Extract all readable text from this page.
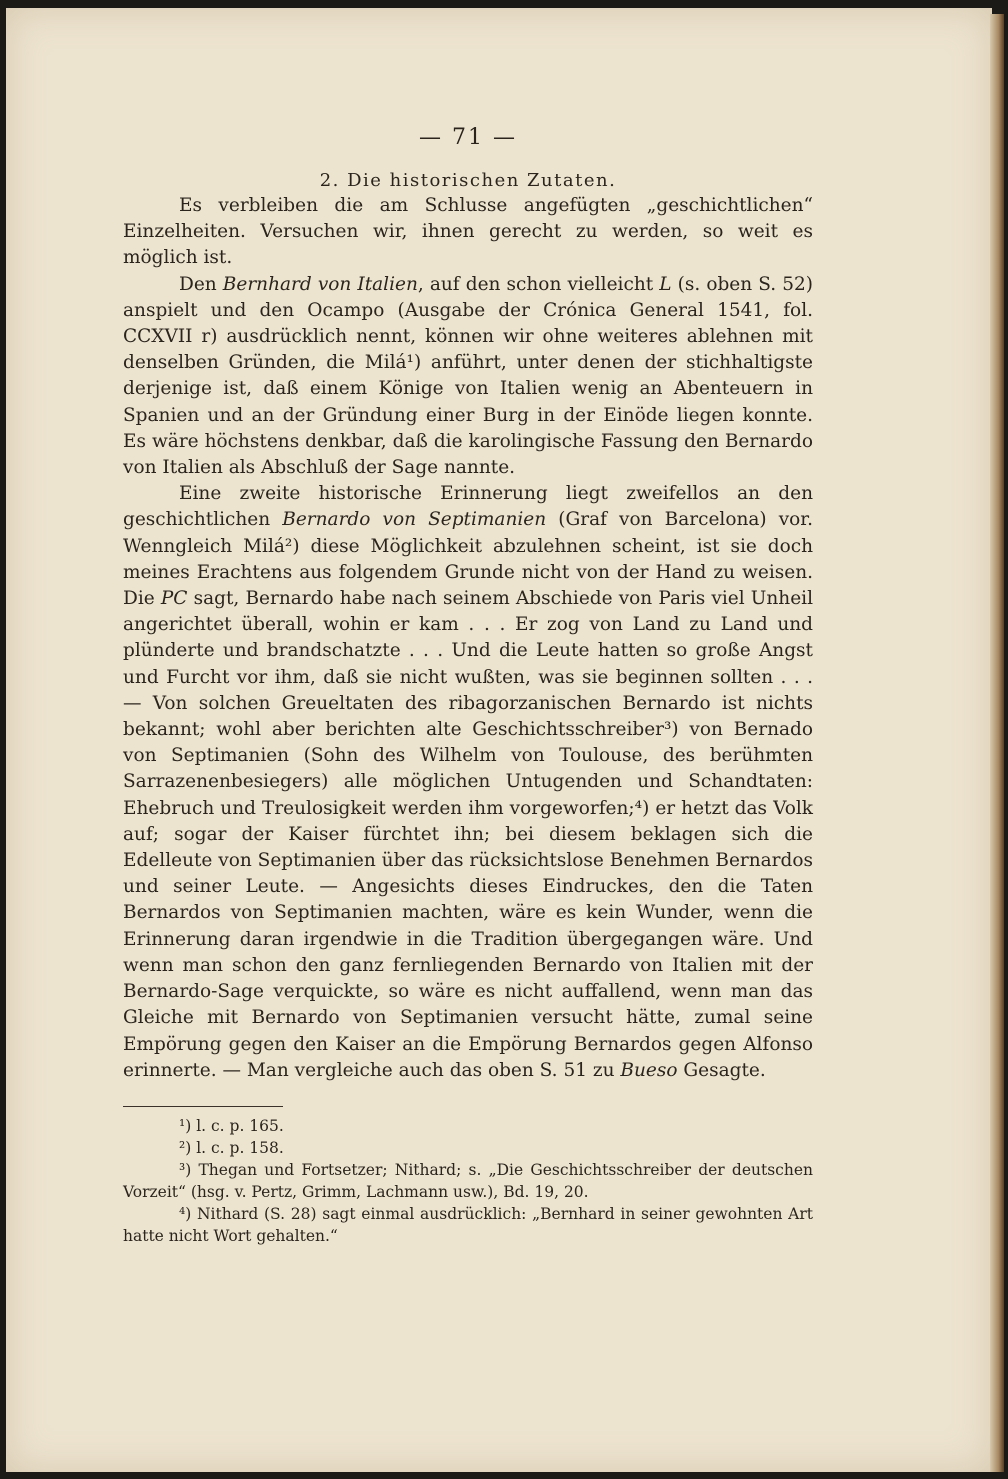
— 71 —
2. Die historischen Zutaten.

Es verbleiben die am Schlusse angefügten „geschichtlichen“ Einzelheiten. Versuchen wir, ihnen gerecht zu werden, so weit es möglich ist.

Den Bernhard von Italien, auf den schon vielleicht L (s. oben S. 52) anspielt und den Ocampo (Ausgabe der Crónica General 1541, fol. CCXVII r) ausdrücklich nennt, können wir ohne weiteres ablehnen mit denselben Gründen, die Milá¹) anführt, unter denen der stichhaltigste derjenige ist, daß einem Könige von Italien wenig an Abenteuern in Spanien und an der Gründung einer Burg in der Einöde liegen konnte. Es wäre höchstens denkbar, daß die karolingische Fassung den Bernardo von Italien als Abschluß der Sage nannte.

Eine zweite historische Erinnerung liegt zweifellos an den geschichtlichen Bernardo von Septimanien (Graf von Barcelona) vor. Wenngleich Milá²) diese Möglichkeit abzulehnen scheint, ist sie doch meines Erachtens aus folgendem Grunde nicht von der Hand zu weisen. Die PC sagt, Bernardo habe nach seinem Abschiede von Paris viel Unheil angerichtet überall, wohin er kam . . . Er zog von Land zu Land und plünderte und brandschatzte . . . Und die Leute hatten so große Angst und Furcht vor ihm, daß sie nicht wußten, was sie beginnen sollten . . . — Von solchen Greueltaten des ribagorzanischen Bernardo ist nichts bekannt; wohl aber berichten alte Geschichtsschreiber³) von Bernado von Septimanien (Sohn des Wilhelm von Toulouse, des berühmten Sarrazenenbesiegers) alle möglichen Untugenden und Schandtaten: Ehebruch und Treulosigkeit werden ihm vorgeworfen;⁴) er hetzt das Volk auf; sogar der Kaiser fürchtet ihn; bei diesem beklagen sich die Edelleute von Septimanien über das rücksichtslose Benehmen Bernardos und seiner Leute. — Angesichts dieses Eindruckes, den die Taten Bernardos von Septimanien machten, wäre es kein Wunder, wenn die Erinnerung daran irgendwie in die Tradition übergegangen wäre. Und wenn man schon den ganz fernliegenden Bernardo von Italien mit der Bernardo-Sage verquickte, so wäre es nicht auffallend, wenn man das Gleiche mit Bernardo von Septimanien versucht hätte, zumal seine Empörung gegen den Kaiser an die Empörung Bernardos gegen Alfonso erinnerte. — Man vergleiche auch das oben S. 51 zu Bueso Gesagte.

¹) l. c. p. 165.

²) l. c. p. 158.

³) Thegan und Fortsetzer; Nithard; s. „Die Geschichtsschreiber der deutschen Vorzeit“ (hsg. v. Pertz, Grimm, Lachmann usw.), Bd. 19, 20.

⁴) Nithard (S. 28) sagt einmal ausdrücklich: „Bernhard in seiner gewohnten Art hatte nicht Wort gehalten.“
